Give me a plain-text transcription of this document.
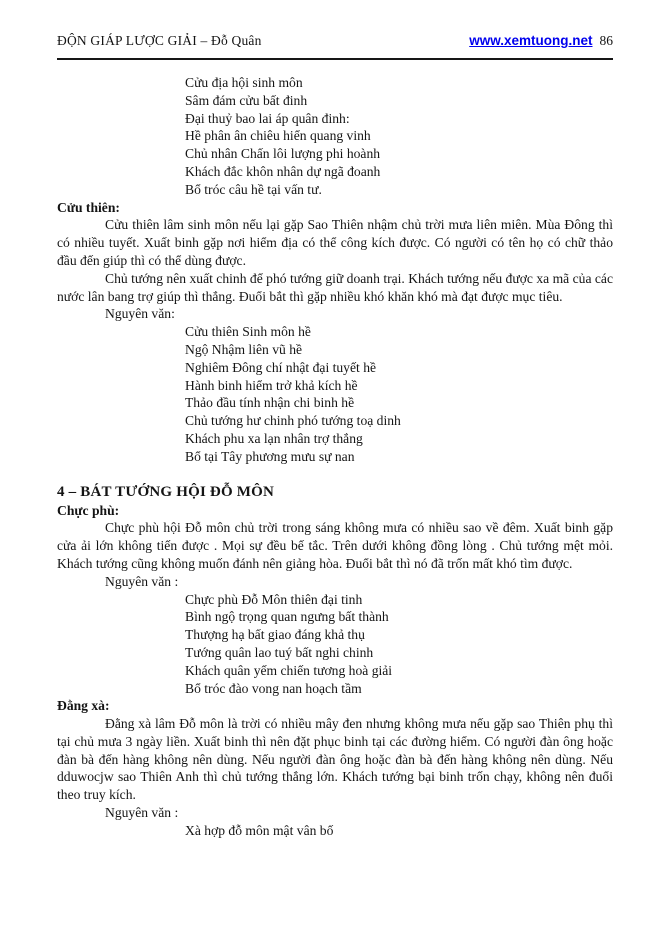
ĐỘN GIÁP LƯỢC GIẢI – Đỗ Quân	www.xemtuong.net 86
Cửu địa hội sinh môn
Sâm đám cửu bất đinh
Đại thuỷ bao lai áp quân đinh:
Hề phân ân chiêu hiển quang vinh
Chủ nhân Chấn lôi lượng phi hoành
Khách đắc khôn nhân dự ngã đoanh
Bổ tróc câu hề tại vấn tư.
Cửu thiên:

Cửu thiên lâm sinh môn nếu lại gặp Sao Thiên nhậm chủ trời mưa liên miên. Mùa Đông thì có nhiều tuyết. Xuất binh gặp nơi hiểm địa có thể công kích được. Có người có tên họ có chữ thảo đầu đến giúp thì có thể dùng được.

Chủ tướng nên xuất chinh để phó tướng giữ doanh trại. Khách tướng nếu được xa mã của các nước lân bang trợ giúp thì thắng. Đuổi bắt thì gặp nhiều khó khăn khó mà đạt được mục tiêu.

Nguyên văn:
Cửu thiên Sinh môn hề
Ngộ Nhậm liên vũ hề
Nghiêm Đông chí nhật đại tuyết hề
Hành binh hiểm trở khả kích hề
Thảo đầu tính nhận chi binh hề
Chủ tướng hư chinh phó tướng toạ dinh
Khách phu xa lạn nhân trợ thắng
Bổ tại Tây phương mưu sự nan
4 – BÁT TƯỚNG HỘI ĐỖ MÔN
Chực phù:

Chực phù hội Đỗ môn chủ trời trong sáng không mưa có nhiều sao về đêm. Xuất binh gặp cửa ải lớn không tiến được . Mọi sự đều bế tắc. Trên dưới không đồng lòng . Chủ tướng mệt mỏi. Khách tướng cũng không muốn đánh nên giảng hòa. Đuổi bắt thì nó đã trốn mất khó tìm được.

Nguyên văn :
Chực phù Đỗ Môn thiên đại tinh
Bình ngộ trọng quan ngưng bất thành
Thượng hạ bất giao đáng khả thụ
Tướng quân lao tuý bất nghi chinh
Khách quân yếm chiến tương hoà giải
Bổ tróc đào vong nan hoạch tầm
Đằng xà:

Đằng xà lâm Đỗ môn là trời có nhiều mây đen nhưng không mưa nếu gặp sao Thiên phụ thì tại chủ mưa 3 ngày liền. Xuất binh thì nên đặt phục binh tại các đường hiểm. Có người đàn ông hoặc đàn bà đến hàng không nên dùng. Nếu người đàn ông hoặc đàn bà đến hàng không nên dùng. Nếu dduwocjw sao Thiên Anh thì chủ tướng thắng lớn. Khách tướng bại binh trốn chạy, không nên đuổi theo truy kích.

Nguyên văn :
Xà hợp đỗ môn mật vân bố
